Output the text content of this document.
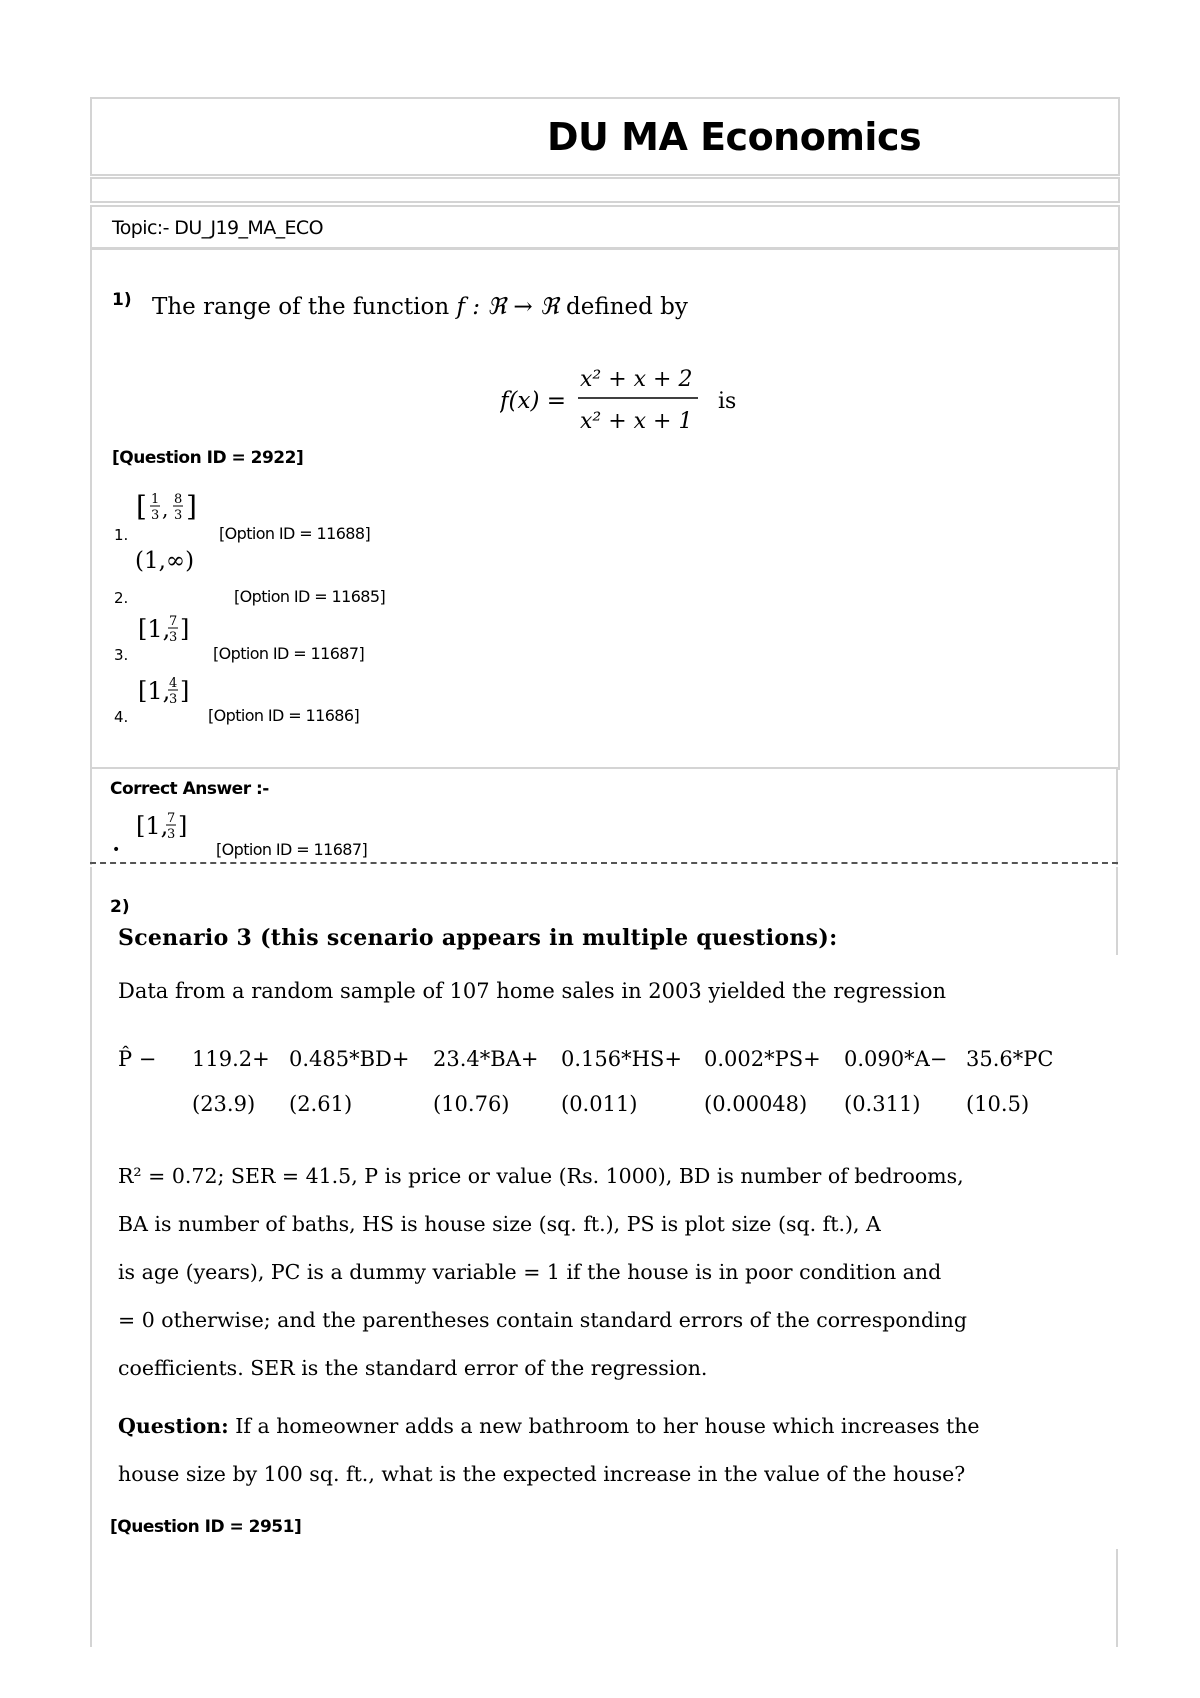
DU MA Economics
Topic:- DU_J19_MA_ECO
1) The range of the function f : ℜ → ℜ defined by
f(x) =
x² + x + 2
x² + x + 1
is
[Question ID = 2922]
[ 1
3 , 8
3 ]
1.	[Option ID = 11688]
(1,∞)
2.	[Option ID = 11685]
[1,
7
3 ]
3.	[Option ID = 11687]
[1,
4
3 ]
4.	[Option ID = 11686]
Correct Answer :-
[1,
7
3 ]
•	[Option ID = 11687]
2)
Scenario 3 (this scenario appears in multiple questions):
Data from a random sample of 107 home sales in 2003 yielded the regression
P̂ − 119.2+ 0.485*BD+ 23.4*BA+ 0.156*HS+ 0.002*PS+ 0.090*A− 35.6*PC
(23.9) (2.61)	(10.76) (0.011)	(0.00048) (0.311) (10.5)
R² = 0.72; SER = 41.5, P is price or value (Rs. 1000), BD is number of bedrooms,
BA is number of baths, HS is house size (sq. ft.), PS is plot size (sq. ft.), A
is age (years), PC is a dummy variable = 1 if the house is in poor condition and
= 0 otherwise; and the parentheses contain standard errors of the corresponding
coefficients. SER is the standard error of the regression.
Question: If a homeowner adds a new bathroom to her house which increases the
house size by 100 sq. ft., what is the expected increase in the value of the house?
[Question ID = 2951]
